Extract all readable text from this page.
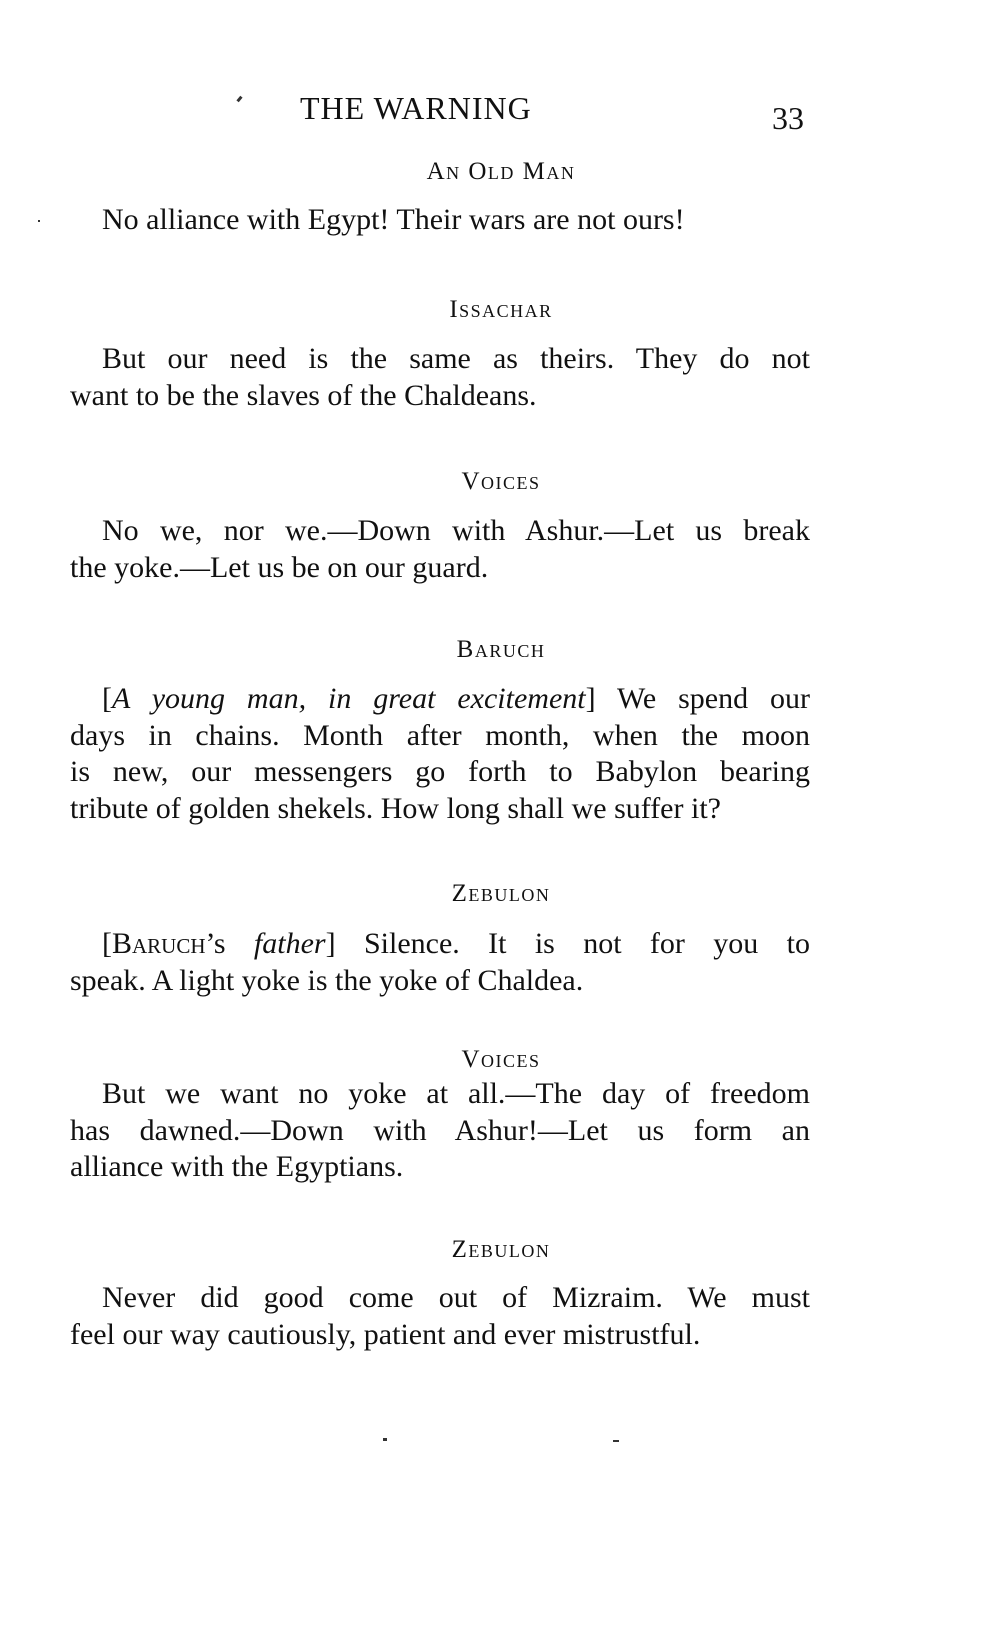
THE WARNING	33
An Old Man
No alliance with Egypt! Their wars are not ours!
Issachar
But our need is the same as theirs. They do not
want to be the slaves of the Chaldeans.
Voices
No we, nor we.—Down with Ashur.—Let us break
the yoke.—Let us be on our guard.
Baruch
[A young man, in great excitement] We spend our
days in chains. Month after month, when the moon
is new, our messengers go forth to Babylon bearing
tribute of golden shekels. How long shall we suffer it?
Zebulon
[Baruch’s father] Silence. It is not for you to
speak. A light yoke is the yoke of Chaldea.
Voices
But we want no yoke at all.—The day of freedom
has dawned.—Down with Ashur!—Let us form an
alliance with the Egyptians.
Zebulon
Never did good come out of Mizraim. We must
feel our way cautiously, patient and ever mistrustful.
